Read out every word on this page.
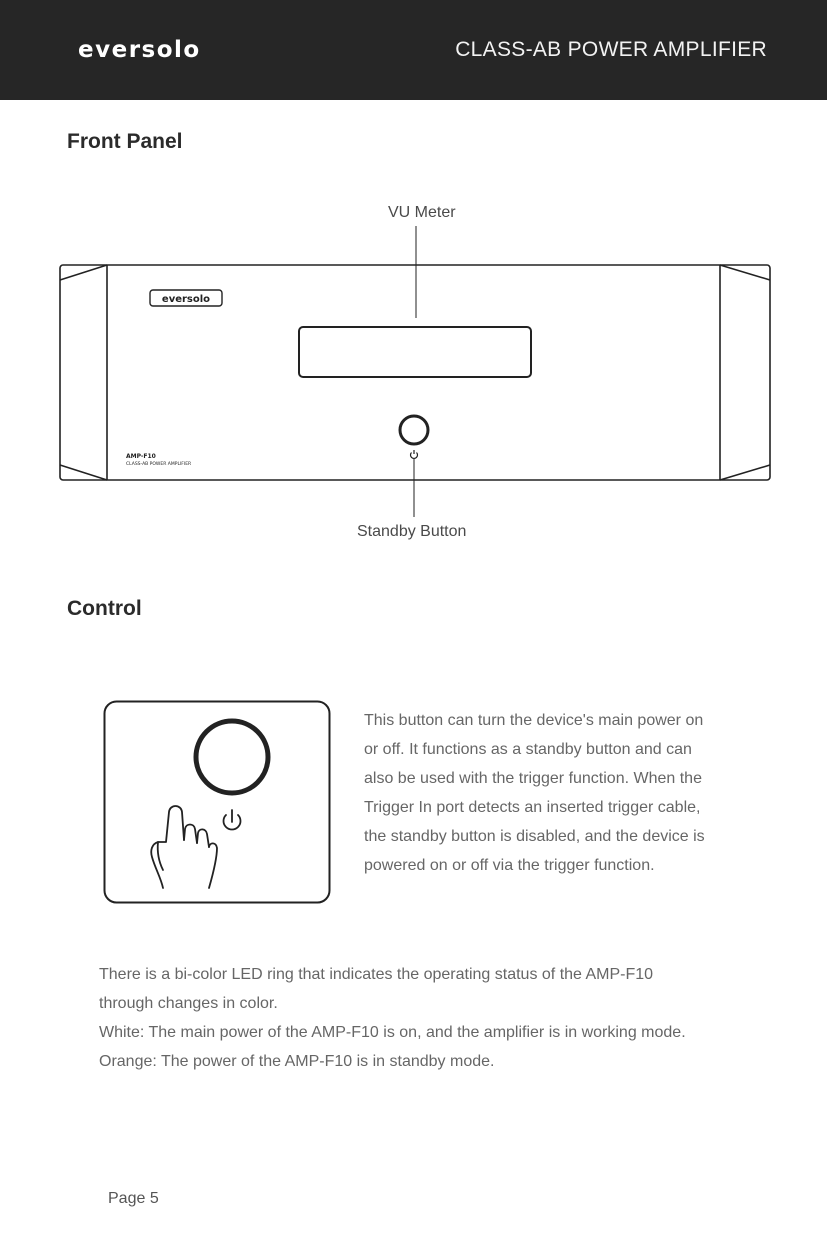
eversolo	CLASS-AB POWER AMPLIFIER
Front Panel
VU Meter
eversolo
AMP-F10
CLASS-AB POWER AMPLIFIER
Standby Button
Control
This button can turn the device's main power on
or off. It functions as a standby button and can
also be used with the trigger function. When the
Trigger In port detects an inserted trigger cable,
the standby button is disabled, and the device is
powered on or off via the trigger function.
There is a bi-color LED ring that indicates the operating status of the AMP-F10
through changes in color.
White: The main power of the AMP-F10 is on, and the amplifier is in working mode.
Orange: The power of the AMP-F10 is in standby mode.
Page 5
